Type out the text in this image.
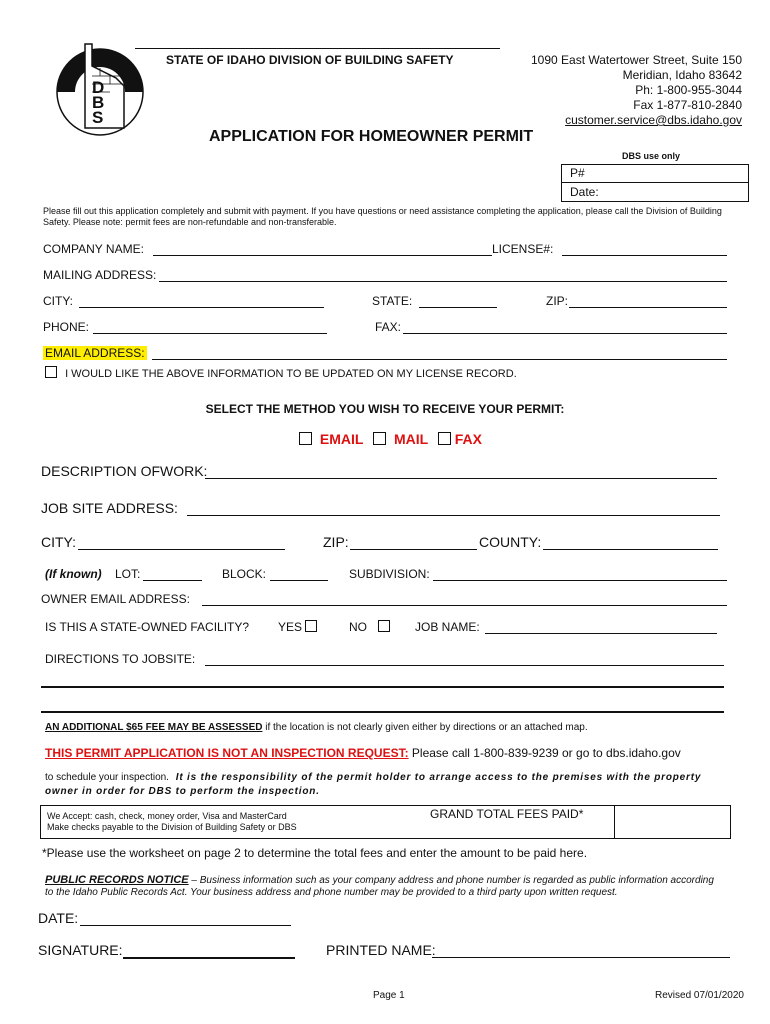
DBS
STATE OF IDAHO DIVISION OF BUILDING SAFETY	1090 East Watertower Street, Suite 150
Meridian, Idaho 83642
Ph: 1-800-955-3044
Fax 1-877-810-2840
customer.service@dbs.idaho.gov
APPLICATION FOR HOMEOWNER PERMIT
DBS use only
P#
Date:
Please fill out this application completely and submit with payment. If you have questions or need assistance completing the application, please call the Division of Building Safety. Please note: permit fees are non-refundable and non-transferable.
COMPANY NAME:	LICENSE#:
MAILING ADDRESS:
CITY:	STATE:	ZIP:
PHONE:	FAX:
EMAIL ADDRESS:
I WOULD LIKE THE ABOVE INFORMATION TO BE UPDATED ON MY LICENSE RECORD.
SELECT THE METHOD YOU WISH TO RECEIVE YOUR PERMIT:
EMAIL MAIL FAX
DESCRIPTION OFWORK:
JOB SITE ADDRESS:
CITY:	ZIP:	COUNTY:
(If known) LOT:	BLOCK:	SUBDIVISION:
OWNER EMAIL ADDRESS:
IS THIS A STATE-OWNED FACILITY? YES	NO	JOB NAME:
DIRECTIONS TO JOBSITE:
AN ADDITIONAL $65 FEE MAY BE ASSESSED if the location is not clearly given either by directions or an attached map.
THIS PERMIT APPLICATION IS NOT AN INSPECTION REQUEST: Please call 1-800-839-9239 or go to dbs.idaho.gov
to schedule your inspection. It is the responsibility of the permit holder to arrange access to the premises with the property owner in order for DBS to perform the inspection.
We Accept: cash, check, money order, Visa and MasterCard
Make checks payable to the Division of Building Safety or DBS
GRAND TOTAL FEES PAID*
*Please use the worksheet on page 2 to determine the total fees and enter the amount to be paid here.
PUBLIC RECORDS NOTICE – Business information such as your company address and phone number is regarded as public information according to the Idaho Public Records Act. Your business address and phone number may be provided to a third party upon written request.
DATE:
SIGNATURE:	PRINTED NAME:
Page 1	Revised 07/01/2020
